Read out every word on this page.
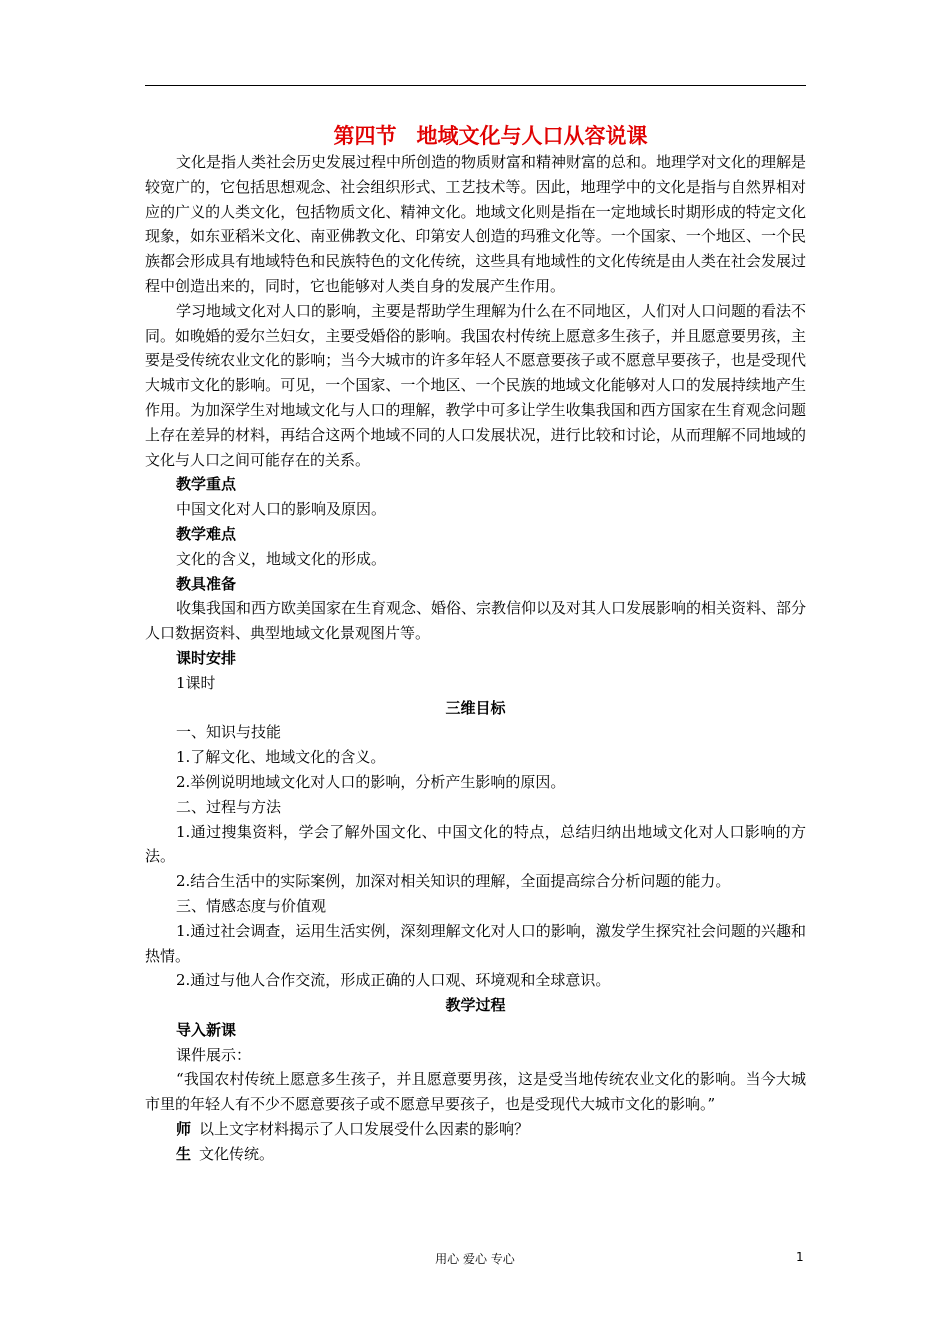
第四节 地域文化与人口从容说课

文化是指人类社会历史发展过程中所创造的物质财富和精神财富的总和。地理学对文化的理解是较宽广的，它包括思想观念、社会组织形式、工艺技术等。因此，地理学中的文化是指与自然界相对应的广义的人类文化，包括物质文化、精神文化。地域文化则是指在一定地域长时期形成的特定文化现象，如东亚稻米文化、南亚佛教文化、印第安人创造的玛雅文化等。一个国家、一个地区、一个民族都会形成具有地域特色和民族特色的文化传统，这些具有地域性的文化传统是由人类在社会发展过程中创造出来的，同时，它也能够对人类自身的发展产生作用。

学习地域文化对人口的影响，主要是帮助学生理解为什么在不同地区，人们对人口问题的看法不同。如晚婚的爱尔兰妇女，主要受婚俗的影响。我国农村传统上愿意多生孩子，并且愿意要男孩，主要是受传统农业文化的影响；当今大城市的许多年轻人不愿意要孩子或不愿意早要孩子，也是受现代大城市文化的影响。可见，一个国家、一个地区、一个民族的地域文化能够对人口的发展持续地产生作用。为加深学生对地域文化与人口的理解，教学中可多让学生收集我国和西方国家在生育观念问题上存在差异的材料，再结合这两个地域不同的人口发展状况，进行比较和讨论，从而理解不同地域的文化与人口之间可能存在的关系。

教学重点

中国文化对人口的影响及原因。

教学难点

文化的含义，地域文化的形成。

教具准备

收集我国和西方欧美国家在生育观念、婚俗、宗教信仰以及对其人口发展影响的相关资料、部分人口数据资料、典型地域文化景观图片等。

课时安排

1课时

三维目标

一、知识与技能

1.了解文化、地域文化的含义。

2.举例说明地域文化对人口的影响，分析产生影响的原因。

二、过程与方法

1.通过搜集资料，学会了解外国文化、中国文化的特点，总结归纳出地域文化对人口影响的方法。

2.结合生活中的实际案例，加深对相关知识的理解，全面提高综合分析问题的能力。

三、情感态度与价值观

1.通过社会调查，运用生活实例，深刻理解文化对人口的影响，激发学生探究社会问题的兴趣和热情。

2.通过与他人合作交流，形成正确的人口观、环境观和全球意识。

教学过程

导入新课

课件展示：

“我国农村传统上愿意多生孩子，并且愿意要男孩，这是受当地传统农业文化的影响。当今大城市里的年轻人有不少不愿意要孩子或不愿意早要孩子，也是受现代大城市文化的影响。”

师 以上文字材料揭示了人口发展受什么因素的影响？

生 文化传统。

用心 爱心 专心	1
